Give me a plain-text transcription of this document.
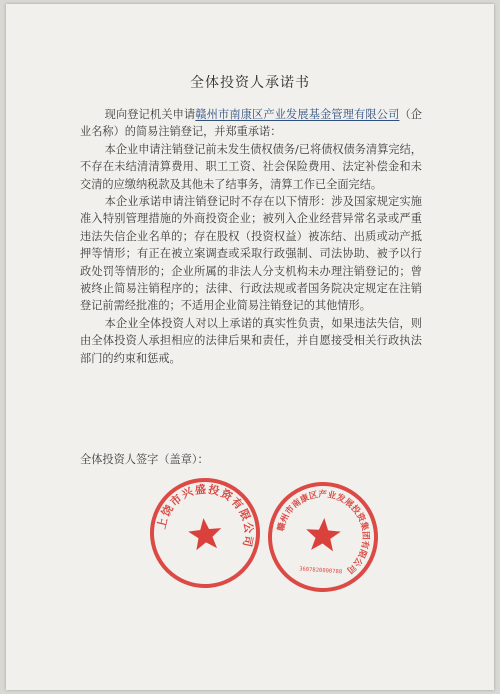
全体投资人承诺书

现向登记机关申请赣州市南康区产业发展基金管理有限公司（企业名称）的简易注销登记，并郑重承诺：

本企业申请注销登记前未发生债权债务/已将债权债务清算完结，不存在未结清清算费用、职工工资、社会保险费用、法定补偿金和未交清的应缴纳税款及其他未了结事务，清算工作已全面完结。

本企业承诺申请注销登记时不存在以下情形：涉及国家规定实施准入特别管理措施的外商投资企业；被列入企业经营异常名录或严重违法失信企业名单的；存在股权（投资权益）被冻结、出质或动产抵押等情形；有正在被立案调查或采取行政强制、司法协助、被予以行政处罚等情形的；企业所属的非法人分支机构未办理注销登记的；曾被终止简易注销程序的；法律、行政法规或者国务院决定规定在注销登记前需经批准的；不适用企业简易注销登记的其他情形。

本企业全体投资人对以上承诺的真实性负责，如果违法失信，则由全体投资人承担相应的法律后果和责任，并自愿接受相关行政执法部门的约束和惩戒。

全体投资人签字（盖章）：
上饶市兴盛投资有限公司
赣州市南康区产业发展投资集团有限公司
3607820000788
